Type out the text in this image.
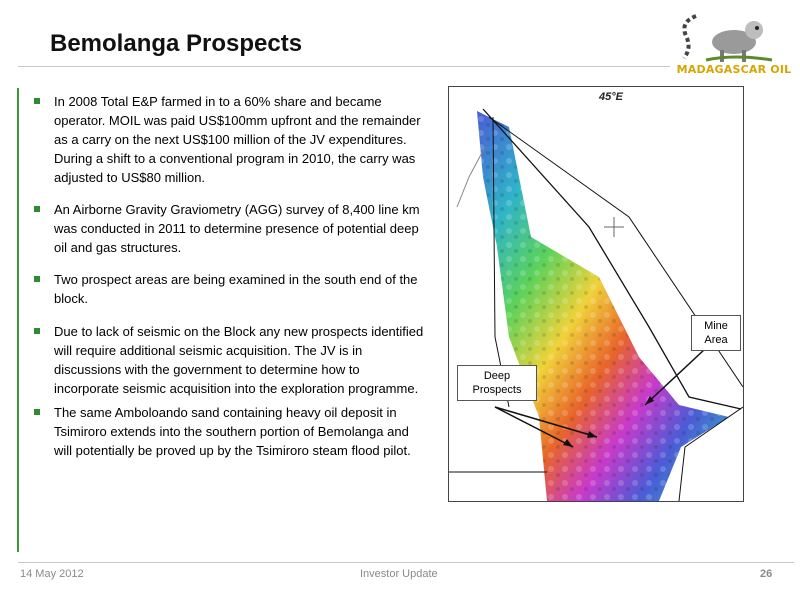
Bemolanga Prospects
MADAGASCAR OIL
In 2008 Total E&P farmed in to a 60% share and became operator. MOIL was paid US$100mm upfront and the remainder as a carry on the next US$100 million of the JV expenditures. During a shift to a conventional program in 2010, the carry was adjusted to US$80 million.
An Airborne Gravity Graviometry (AGG) survey of 8,400 line km was conducted in 2011 to determine presence of potential deep oil and gas structures.
Two prospect areas are being examined in the south end of the block.
Due to lack of seismic on the Block any new prospects identified will require additional seismic acquisition. The JV is in discussions with the government to determine how to incorporate seismic acquisition into the exploration programme.
The same Amboloando sand containing heavy oil deposit in Tsimiroro extends into the southern portion of Bemolanga and will potentially be proved up by the Tsimiroro steam flood pilot.
45°E
Mine Area
Deep Prospects
14 May 2012	Investor Update	26
